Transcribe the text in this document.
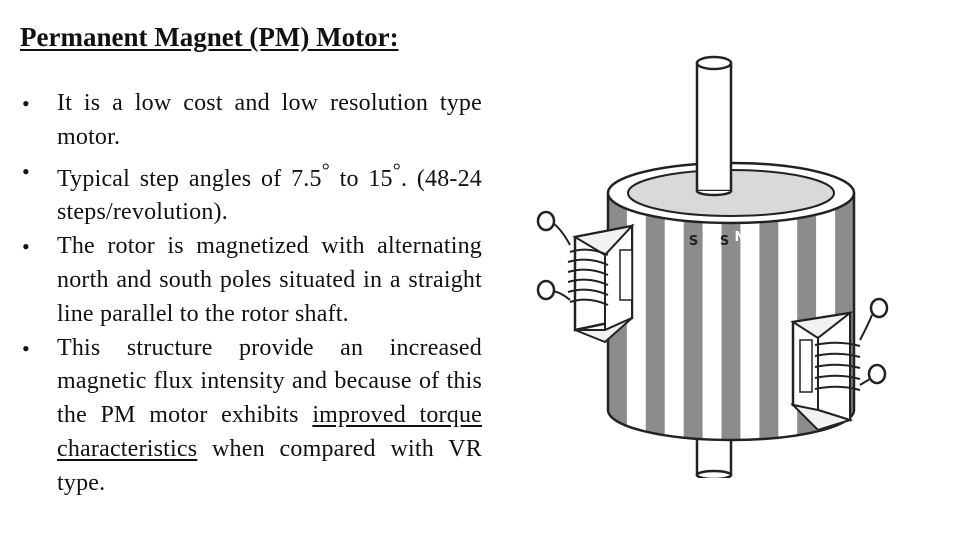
Permanent Magnet (PM) Motor:
• It is a low cost and low resolution type motor.
• Typical step angles of 7.5° to 15°. (48-24 steps/revolution).
• The rotor is magnetized with alternating north and south poles situated in a straight line parallel to the rotor shaft.
• This structure provide an increased magnetic flux intensity and because of this the PM motor exhibits improved torque characteristics when compared with VR type.
N S N S N
